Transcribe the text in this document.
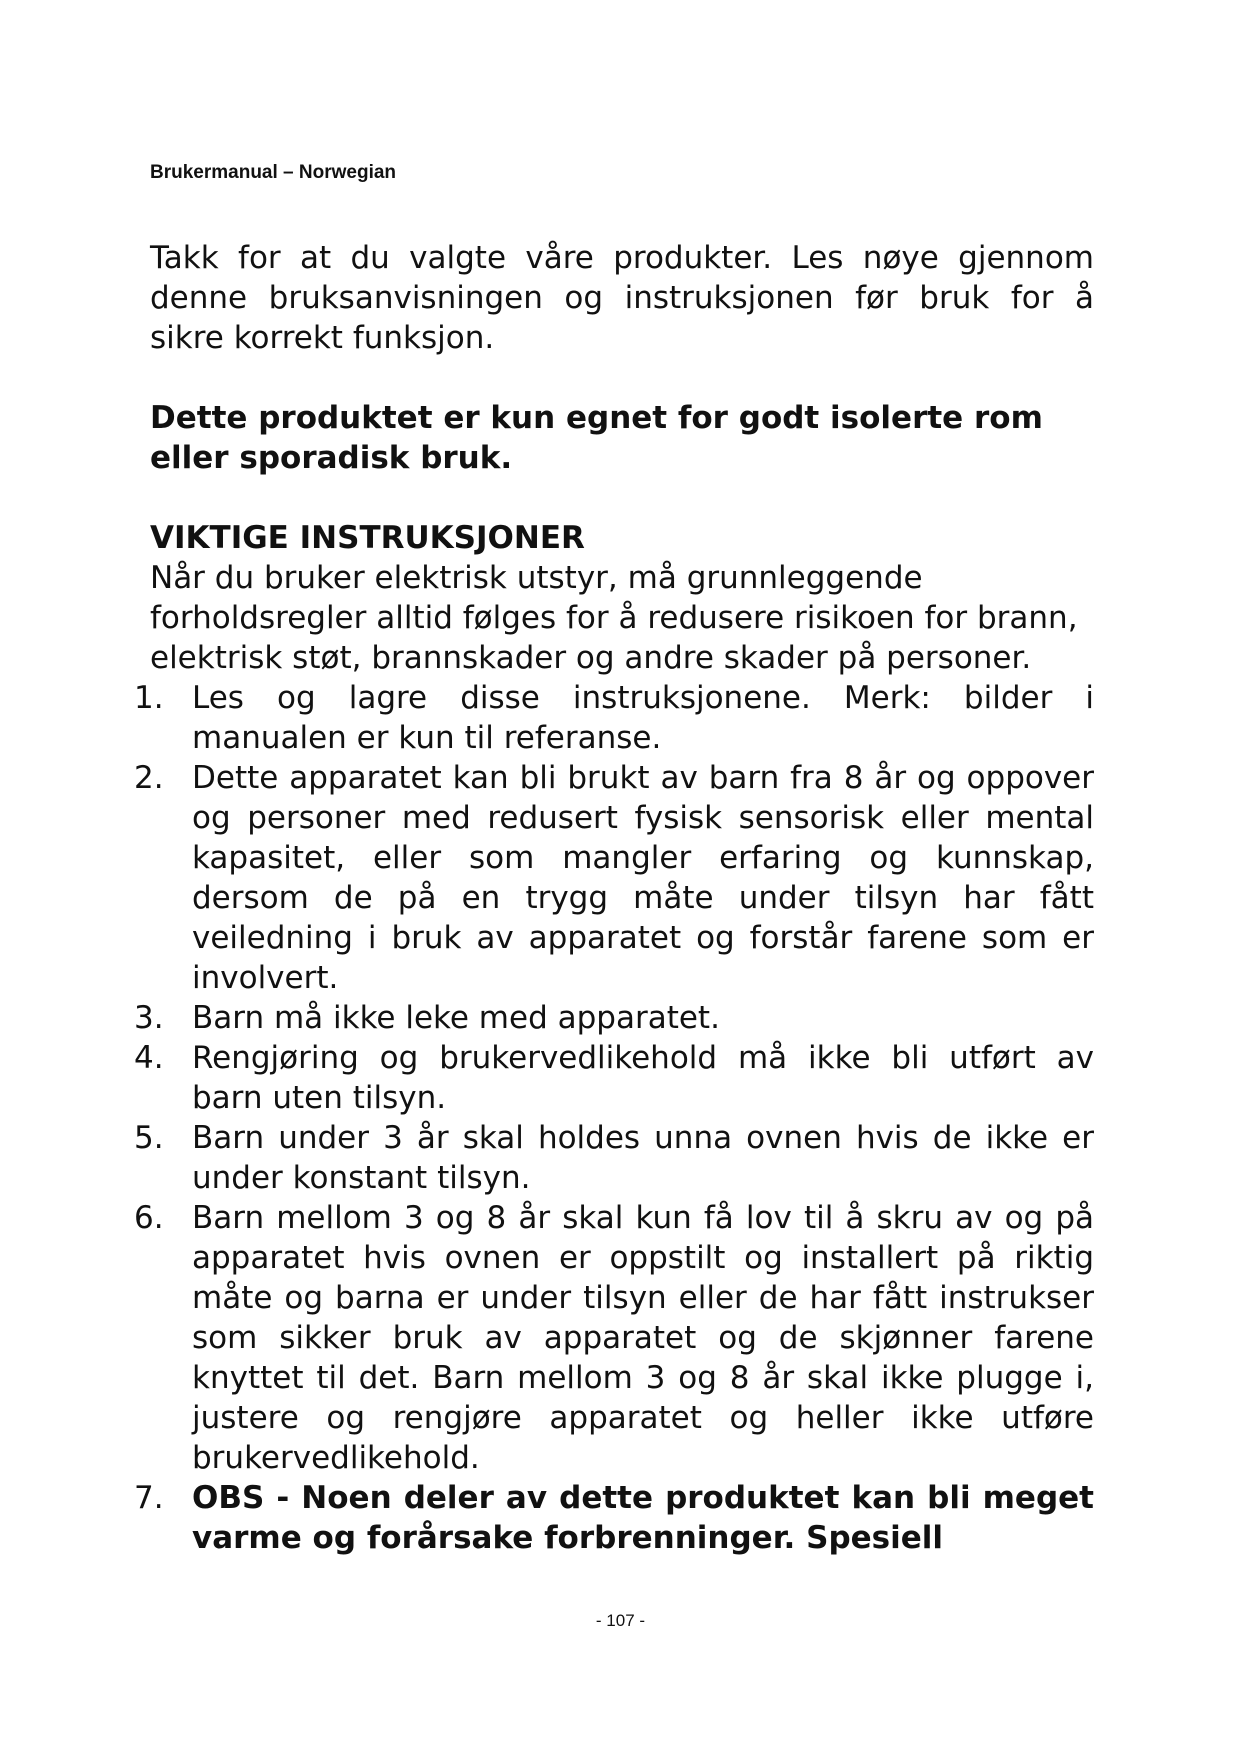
Brukermanual – Norwegian

Takk for at du valgte våre produkter. Les nøye gjennom denne bruksanvisningen og instruksjonen før bruk for å sikre korrekt funksjon.

Dette produktet er kun egnet for godt isolerte rom eller sporadisk bruk.

VIKTIGE INSTRUKSJONER

Når du bruker elektrisk utstyr, må grunnleggende forholdsregler alltid følges for å redusere risikoen for brann, elektrisk støt, brannskader og andre skader på personer.

1. Les og lagre disse instruksjonene. Merk: bilder i manualen er kun til referanse.
2. Dette apparatet kan bli brukt av barn fra 8 år og oppover og personer med redusert fysisk sensorisk eller mental kapasitet, eller som mangler erfaring og kunnskap, dersom de på en trygg måte under tilsyn har fått veiledning i bruk av apparatet og forstår farene som er involvert.
3. Barn må ikke leke med apparatet.
4. Rengjøring og brukervedlikehold må ikke bli utført av barn uten tilsyn.
5. Barn under 3 år skal holdes unna ovnen hvis de ikke er under konstant tilsyn.
6. Barn mellom 3 og 8 år skal kun få lov til å skru av og på apparatet hvis ovnen er oppstilt og installert på riktig måte og barna er under tilsyn eller de har fått instrukser som sikker bruk av apparatet og de skjønner farene knyttet til det. Barn mellom 3 og 8 år skal ikke plugge i, justere og rengjøre apparatet og heller ikke utføre brukervedlikehold.
7. OBS - Noen deler av dette produktet kan bli meget varme og forårsake forbrenninger. Spesiell
- 107 -
